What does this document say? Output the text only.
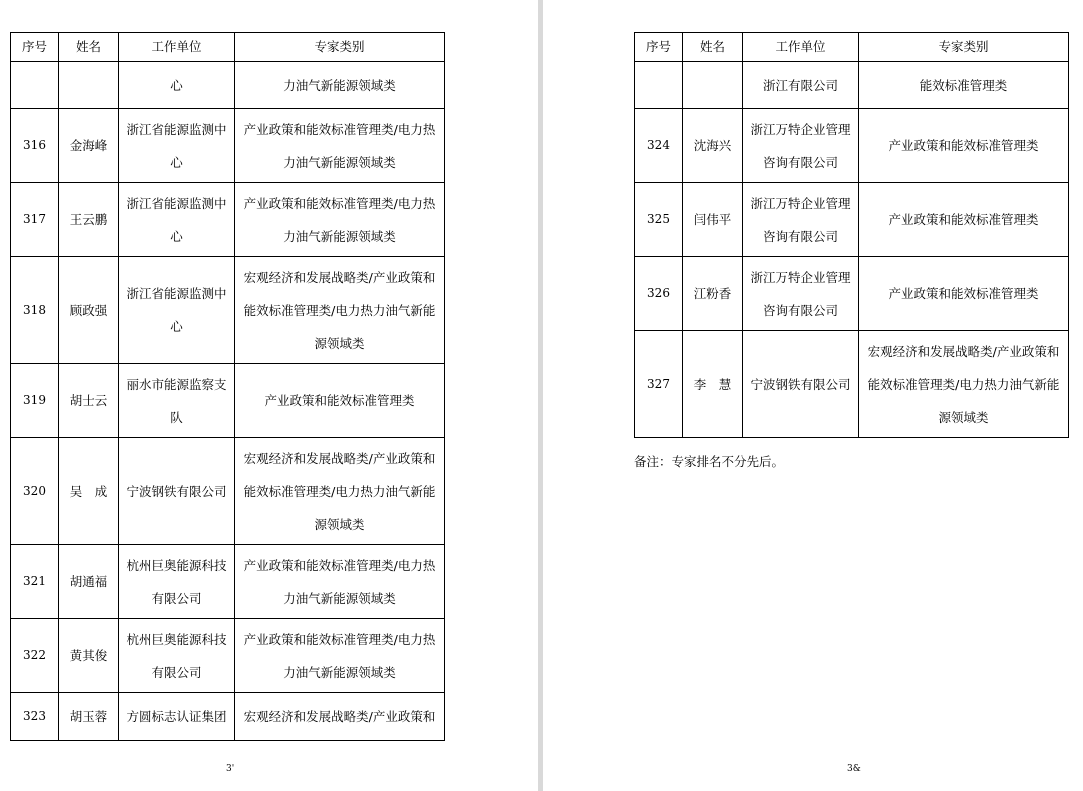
序号	姓名	工作单位	专家类别
		心	力油气新能源领域类
316	金海峰	浙江省能源监测中心	产业政策和能效标准管理类/电力热力油气新能源领域类
317	王云鹏	浙江省能源监测中心	产业政策和能效标准管理类/电力热力油气新能源领域类
318	顾政强	浙江省能源监测中心	宏观经济和发展战略类/产业政策和能效标准管理类/电力热力油气新能源领域类
319	胡士云	丽水市能源监察支队	产业政策和能效标准管理类
320	吴　成	宁波钢铁有限公司	宏观经济和发展战略类/产业政策和能效标准管理类/电力热力油气新能源领域类
321	胡通福	杭州巨奥能源科技有限公司	产业政策和能效标准管理类/电力热力油气新能源领域类
322	黄其俊	杭州巨奥能源科技有限公司	产业政策和能效标准管理类/电力热力油气新能源领域类
323	胡玉蓉	方圆标志认证集团	宏观经济和发展战略类/产业政策和
3'
序号	姓名	工作单位	专家类别
		浙江有限公司	能效标准管理类
324	沈海兴	浙江万特企业管理咨询有限公司	产业政策和能效标准管理类
325	闫伟平	浙江万特企业管理咨询有限公司	产业政策和能效标准管理类
326	江粉香	浙江万特企业管理咨询有限公司	产业政策和能效标准管理类
327	李　慧	宁波钢铁有限公司	宏观经济和发展战略类/产业政策和能效标准管理类/电力热力油气新能源领域类
备注：专家排名不分先后。
3&
